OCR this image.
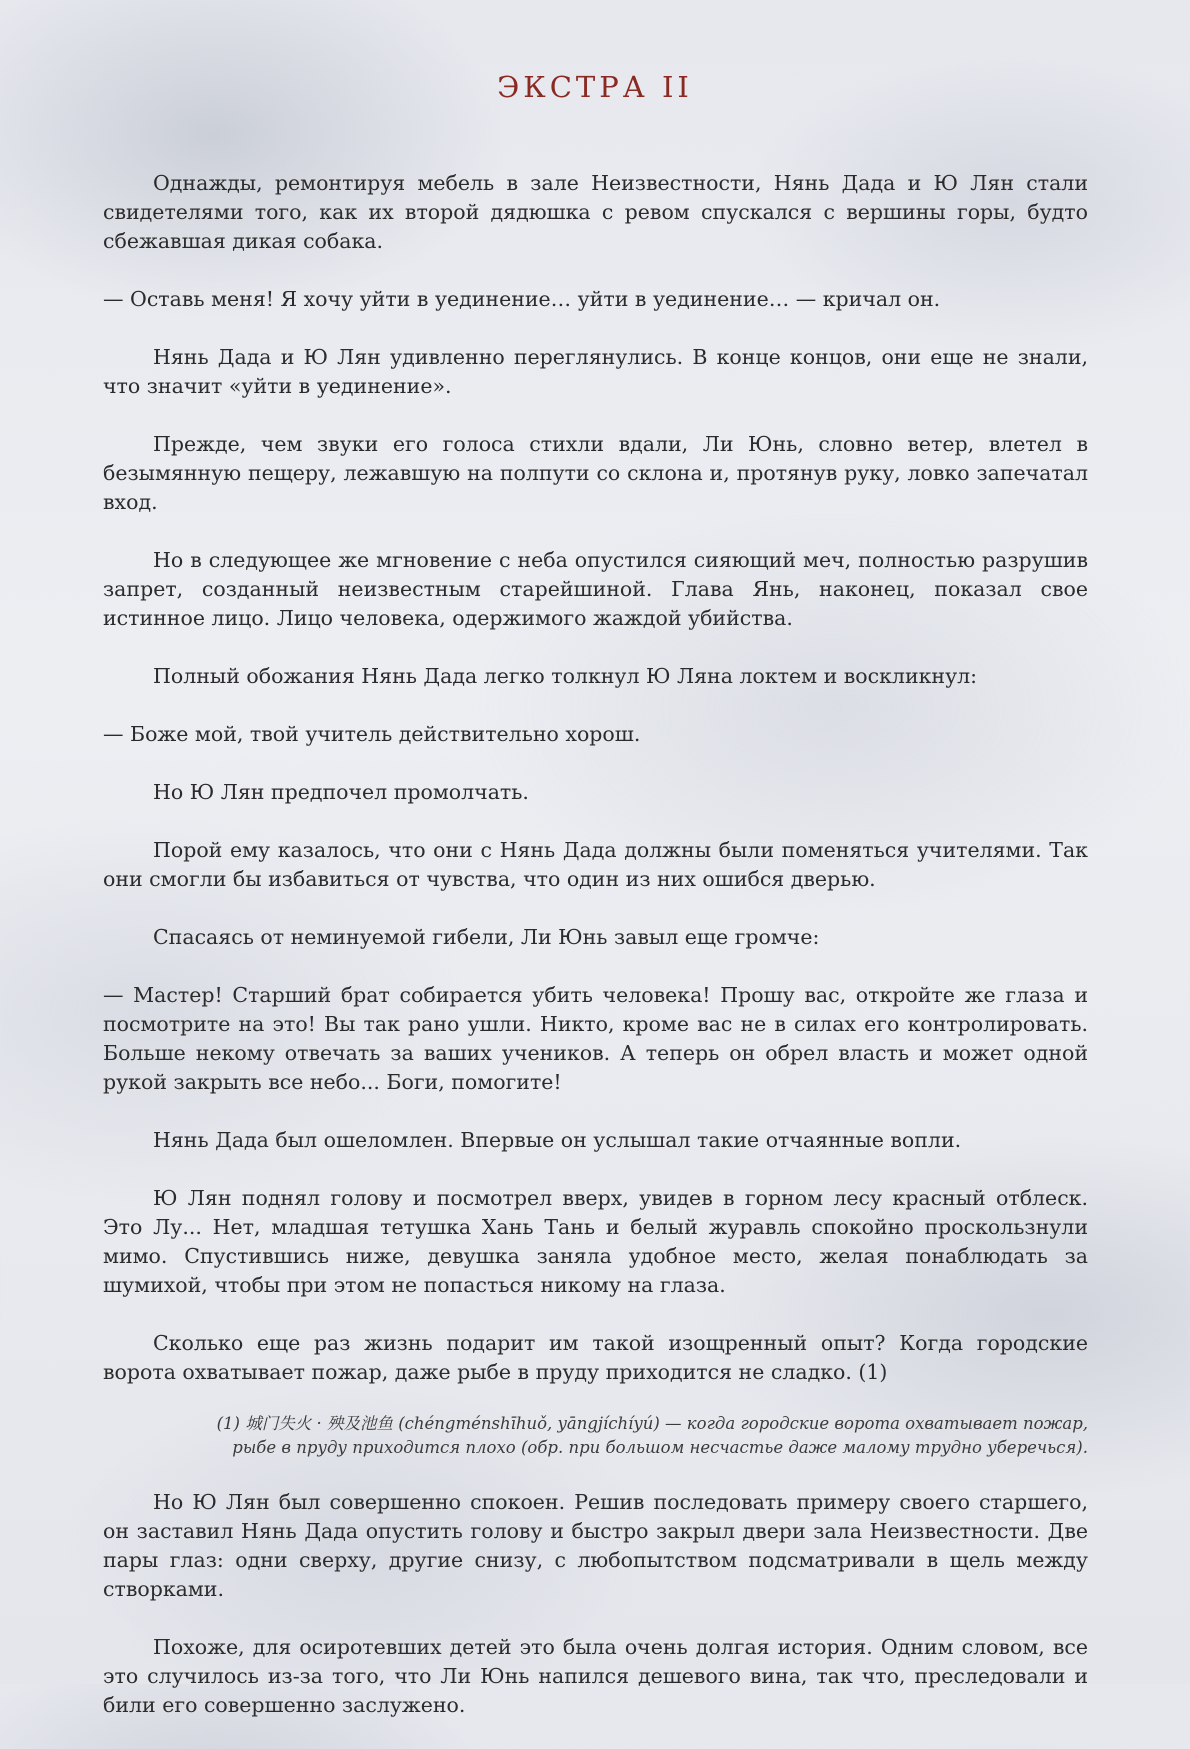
ЭКСТРА II

Однажды, ремонтируя мебель в зале Неизвестности, Нянь Дада и Ю Лян стали свидетелями того, как их второй дядюшка с ревом спускался с вершины горы, будто сбежавшая дикая собака.

— Оставь меня! Я хочу уйти в уединение… уйти в уединение… — кричал он.

Нянь Дада и Ю Лян удивленно переглянулись. В конце концов, они еще не знали, что значит «уйти в уединение».

Прежде, чем звуки его голоса стихли вдали, Ли Юнь, словно ветер, влетел в безымянную пещеру, лежавшую на полпути со склона и, протянув руку, ловко запечатал вход.

Но в следующее же мгновение с неба опустился сияющий меч, полностью разрушив запрет, созданный неизвестным старейшиной. Глава Янь, наконец, показал свое истинное лицо. Лицо человека, одержимого жаждой убийства.

Полный обожания Нянь Дада легко толкнул Ю Ляна локтем и воскликнул:

— Боже мой, твой учитель действительно хорош.

Но Ю Лян предпочел промолчать.

Порой ему казалось, что они с Нянь Дада должны были поменяться учителями. Так они смогли бы избавиться от чувства, что один из них ошибся дверью.

Спасаясь от неминуемой гибели, Ли Юнь завыл еще громче:

— Мастер! Старший брат собирается убить человека! Прошу вас, откройте же глаза и посмотрите на это! Вы так рано ушли. Никто, кроме вас не в силах его контролировать. Больше некому отвечать за ваших учеников. А теперь он обрел власть и может одной рукой закрыть все небо... Боги, помогите!

Нянь Дада был ошеломлен. Впервые он услышал такие отчаянные вопли.

Ю Лян поднял голову и посмотрел вверх, увидев в горном лесу красный отблеск. Это Лу... Нет, младшая тетушка Хань Тань и белый журавль спокойно проскользнули мимо. Спустившись ниже, девушка заняла удобное место, желая понаблюдать за шумихой, чтобы при этом не попасться никому на глаза.

Сколько еще раз жизнь подарит им такой изощренный опыт? Когда городские ворота охватывает пожар, даже рыбе в пруду приходится не сладко. (1)

(1) 城门失火 · 殃及池鱼 (chéngménshīhuǒ, yāngjíchíyú) — когда городские ворота охватывает пожар,
рыбе в пруду приходится плохо (обр. при большом несчастье даже малому трудно уберечься).

Но Ю Лян был совершенно спокоен. Решив последовать примеру своего старшего, он заставил Нянь Дада опустить голову и быстро закрыл двери зала Неизвестности. Две пары глаз: одни сверху, другие снизу, с любопытством подсматривали в щель между створками.

Похоже, для осиротевших детей это была очень долгая история. Одним словом, все это случилось из-за того, что Ли Юнь напился дешевого вина, так что, преследовали и били его совершенно заслужено.
